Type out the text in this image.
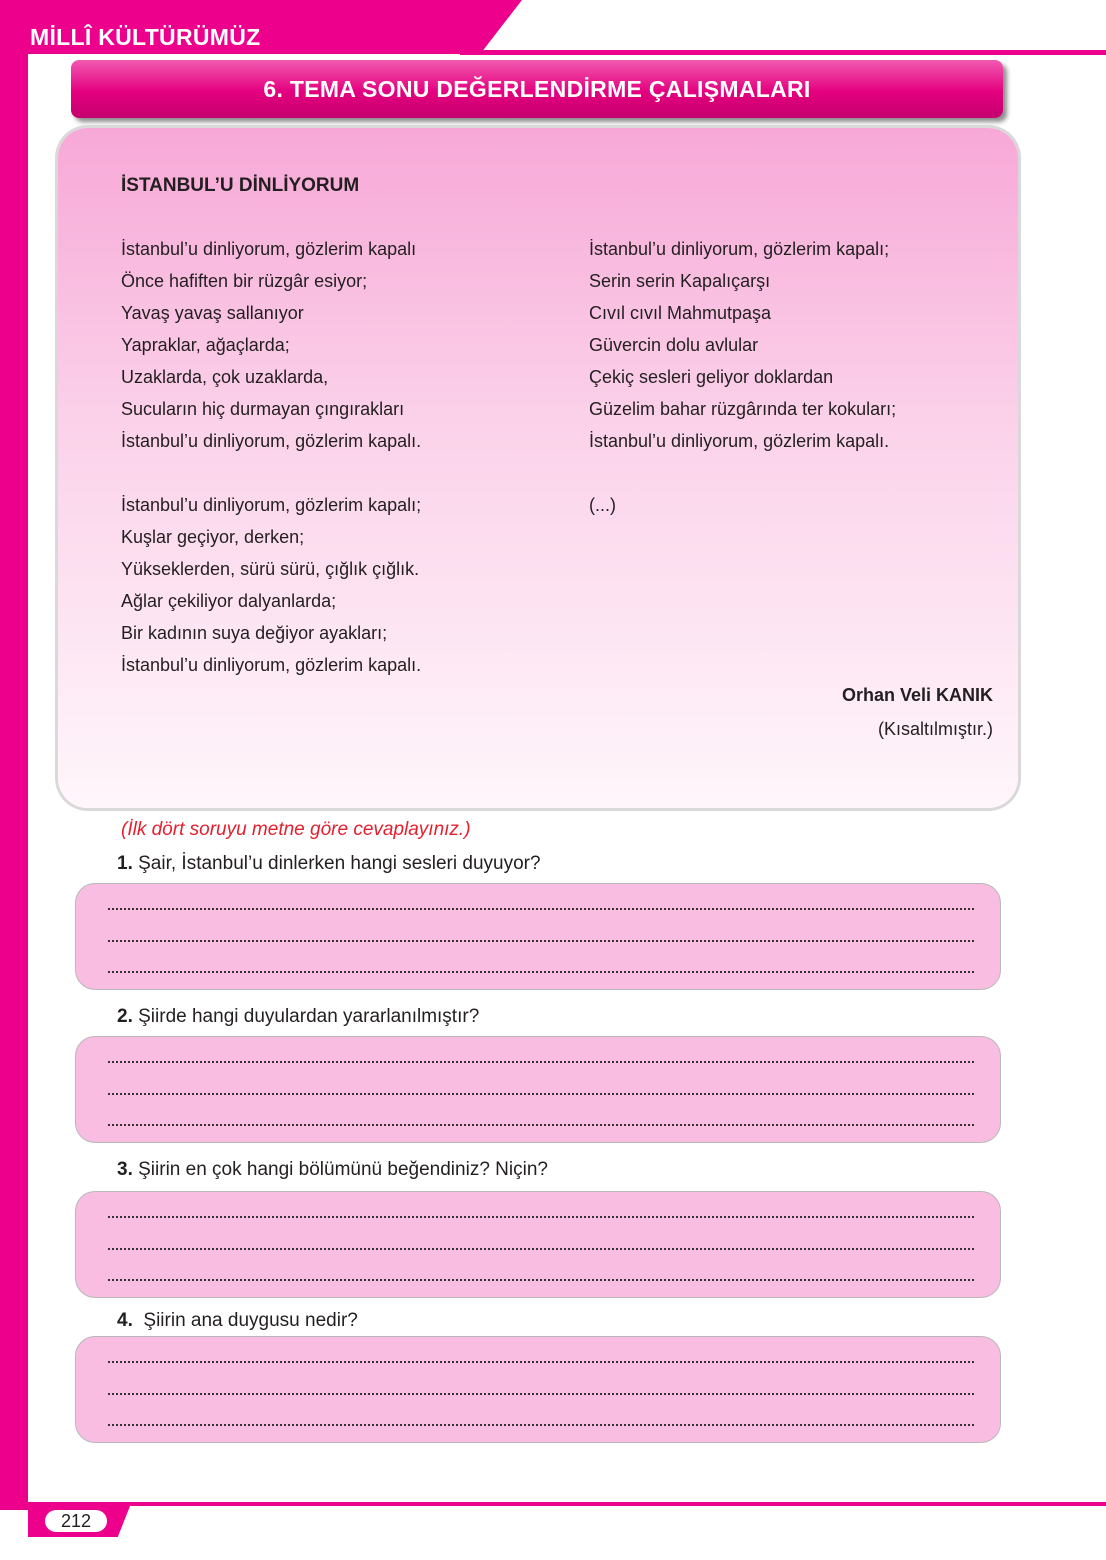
MİLLÎ KÜLTÜRÜMÜZ
6. TEMA SONU DEĞERLENDİRME ÇALIŞMALARI
İSTANBUL’U DİNLİYORUM
İstanbul’u dinliyorum, gözlerim kapalı
Önce hafiften bir rüzgâr esiyor;
Yavaş yavaş sallanıyor
Yapraklar, ağaçlarda;
Uzaklarda, çok uzaklarda,
Sucuların hiç durmayan çıngırakları
İstanbul’u dinliyorum, gözlerim kapalı.
İstanbul’u dinliyorum, gözlerim kapalı;
Kuşlar geçiyor, derken;
Yükseklerden, sürü sürü, çığlık çığlık.
Ağlar çekiliyor dalyanlarda;
Bir kadının suya değiyor ayakları;
İstanbul’u dinliyorum, gözlerim kapalı.
İstanbul’u dinliyorum, gözlerim kapalı;
Serin serin Kapalıçarşı
Cıvıl cıvıl Mahmutpaşa
Güvercin dolu avlular
Çekiç sesleri geliyor doklardan
Güzelim bahar rüzgârında ter kokuları;
İstanbul’u dinliyorum, gözlerim kapalı.
(...)
Orhan Veli KANIK
(Kısaltılmıştır.)
(İlk dört soruyu metne göre cevaplayınız.)
1. Şair, İstanbul’u dinlerken hangi sesleri duyuyor?
2. Şiirde hangi duyulardan yararlanılmıştır?
3. Şiirin en çok hangi bölümünü beğendiniz? Niçin?
4.  Şiirin ana duygusu nedir?
212
